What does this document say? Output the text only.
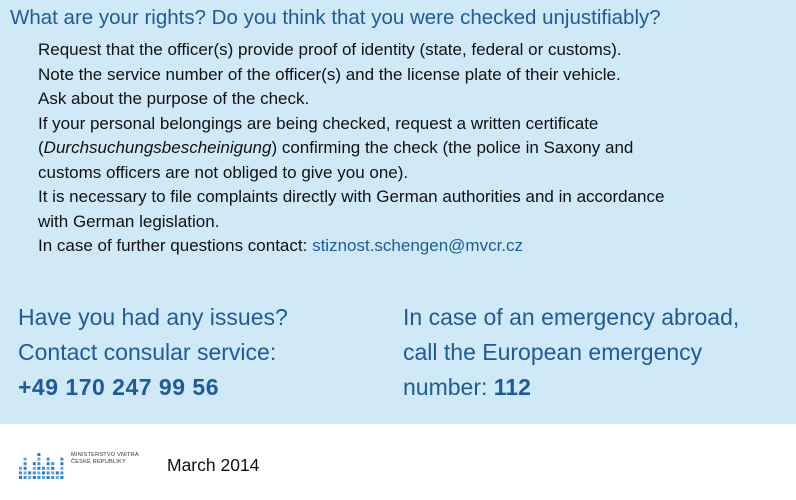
What are your rights? Do you think that you were checked unjustifiably?
Request that the officer(s) provide proof of identity (state, federal or customs).
Note the service number of the officer(s) and the license plate of their vehicle.
Ask about the purpose of the check.
If your personal belongings are being checked, request a written certificate
(Durchsuchungsbescheinigung) confirming the check (the police in Saxony and
customs officers are not obliged to give you one).
It is necessary to file complaints directly with German authorities and in accordance
with German legislation.
In case of further questions contact: stiznost.schengen@mvcr.cz
Have you had any issues?
Contact consular service:
+49 170 247 99 56
In case of an emergency abroad,
call the European emergency
number: 112
MINISTERSTVO VNITRA
ČESKÉ REPUBLIKY	March 2014
